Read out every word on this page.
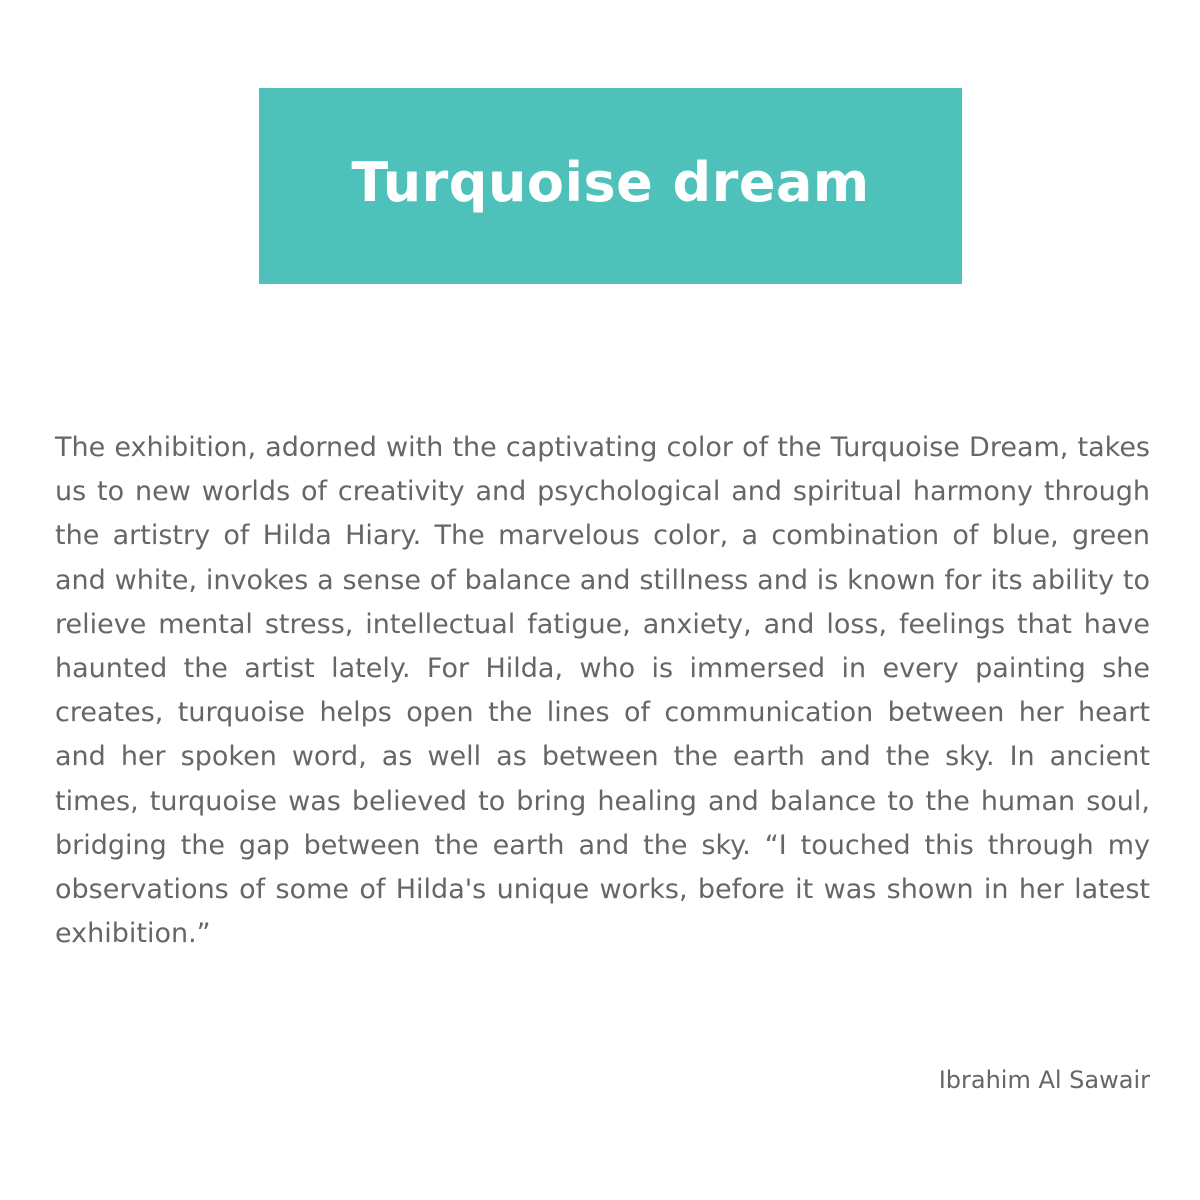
Turquoise dream

The exhibition, adorned with the captivating color of the Turquoise Dream, takes us to new worlds of creativity and psychological and spiritual harmony through the artistry of Hilda Hiary. The marvelous color, a combination of blue, green and white, invokes a sense of balance and stillness and is known for its ability to relieve mental stress, intellectual fatigue, anxiety, and loss, feelings that have haunted the artist lately. For Hilda, who is immersed in every painting she creates, turquoise helps open the lines of communication between her heart and her spoken word, as well as between the earth and the sky. In ancient times, turquoise was believed to bring healing and balance to the human soul, bridging the gap between the earth and the sky. “I touched this through my observations of some of Hilda's unique works, before it was shown in her latest exhibition.”

Ibrahim Al Sawair
